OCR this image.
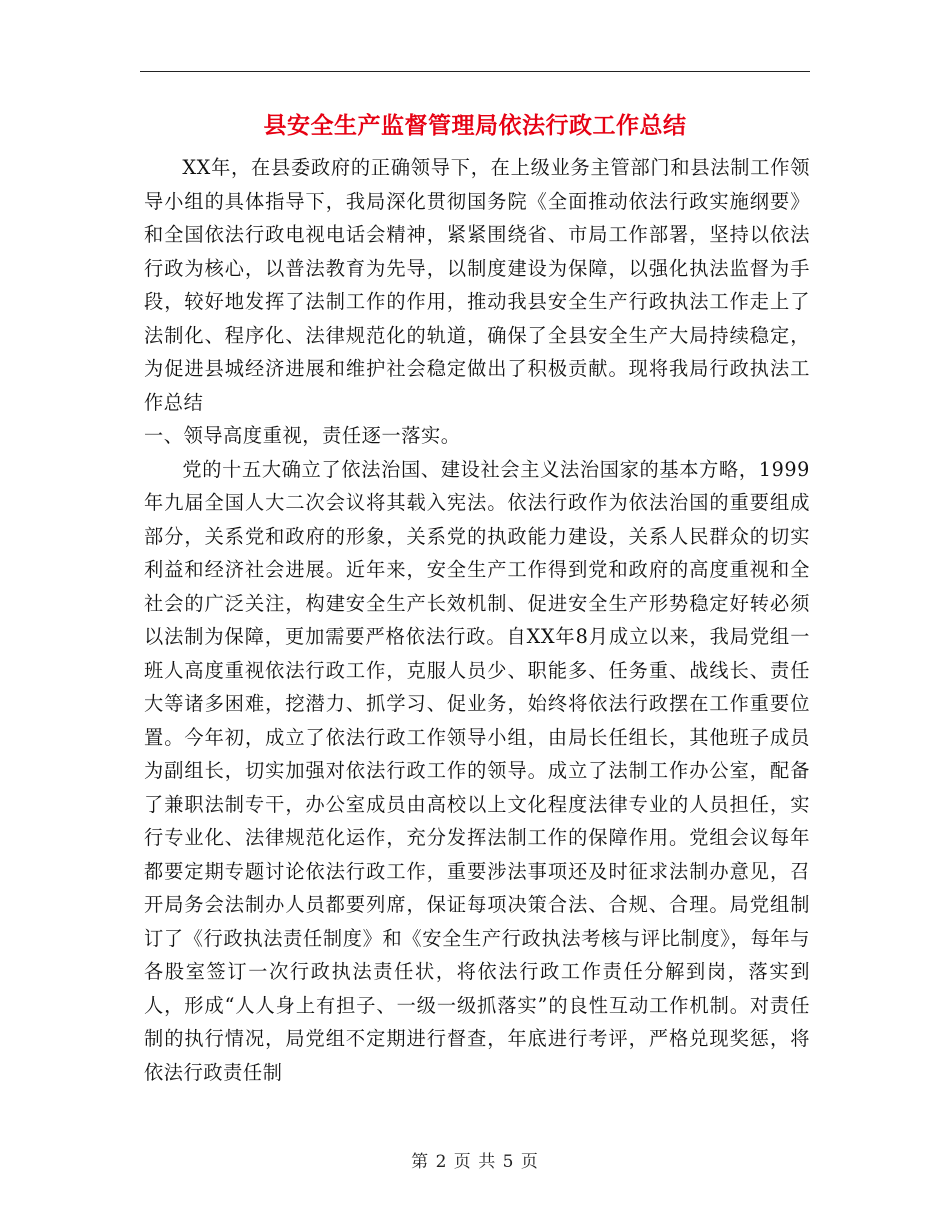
县安全生产监督管理局依法行政工作总结

XX年，在县委政府的正确领导下，在上级业务主管部门和县法制工作领导小组的具体指导下，我局深化贯彻国务院《全面推动依法行政实施纲要》和全国依法行政电视电话会精神，紧紧围绕省、市局工作部署，坚持以依法行政为核心，以普法教育为先导，以制度建设为保障，以强化执法监督为手段，较好地发挥了法制工作的作用，推动我县安全生产行政执法工作走上了法制化、程序化、法律规范化的轨道，确保了全县安全生产大局持续稳定，为促进县城经济进展和维护社会稳定做出了积极贡献。现将我局行政执法工作总结

一、领导高度重视，责任逐一落实。

党的十五大确立了依法治国、建设社会主义法治国家的基本方略，1999年九届全国人大二次会议将其载入宪法。依法行政作为依法治国的重要组成部分，关系党和政府的形象，关系党的执政能力建设，关系人民群众的切实利益和经济社会进展。近年来，安全生产工作得到党和政府的高度重视和全社会的广泛关注，构建安全生产长效机制、促进安全生产形势稳定好转必须以法制为保障，更加需要严格依法行政。自XX年8月成立以来，我局党组一班人高度重视依法行政工作，克服人员少、职能多、任务重、战线长、责任大等诸多困难，挖潜力、抓学习、促业务，始终将依法行政摆在工作重要位置。今年初，成立了依法行政工作领导小组，由局长任组长，其他班子成员为副组长，切实加强对依法行政工作的领导。成立了法制工作办公室，配备了兼职法制专干，办公室成员由高校以上文化程度法律专业的人员担任，实行专业化、法律规范化运作，充分发挥法制工作的保障作用。党组会议每年都要定期专题讨论依法行政工作，重要涉法事项还及时征求法制办意见，召开局务会法制办人员都要列席，保证每项决策合法、合规、合理。局党组制订了《行政执法责任制度》和《安全生产行政执法考核与评比制度》，每年与各股室签订一次行政执法责任状，将依法行政工作责任分解到岗，落实到人，形成“人人身上有担子、一级一级抓落实”的良性互动工作机制。对责任制的执行情况，局党组不定期进行督查，年底进行考评，严格兑现奖惩，将依法行政责任制

第 2 页 共 5 页
